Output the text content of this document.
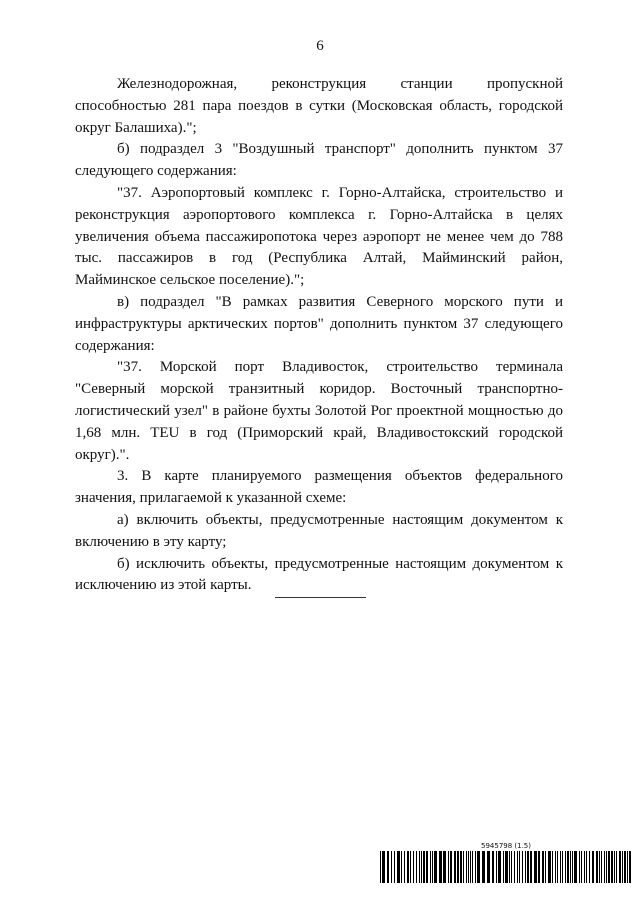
6

Железнодорожная, реконструкция станции пропускной способностью 281 пара поездов в сутки (Московская область, городской округ Балашиха).";

б) подраздел 3 "Воздушный транспорт" дополнить пунктом 37 следующего содержания:

"37. Аэропортовый комплекс г. Горно-Алтайска, строительство и реконструкция аэропортового комплекса г. Горно-Алтайска в целях увеличения объема пассажиропотока через аэропорт не менее чем до 788 тыс. пассажиров в год (Республика Алтай, Майминский район, Майминское сельское поселение).";

в) подраздел "В рамках развития Северного морского пути и инфраструктуры арктических портов" дополнить пунктом 37 следующего содержания:

"37. Морской порт Владивосток, строительство терминала "Северный морской транзитный коридор. Восточный транспортно-логистический узел" в районе бухты Золотой Рог проектной мощностью до 1,68 млн. TEU в год (Приморский край, Владивостокский городской округ).".

3. В карте планируемого размещения объектов федерального значения, прилагаемой к указанной схеме:

а) включить объекты, предусмотренные настоящим документом к включению в эту карту;

б) исключить объекты, предусмотренные настоящим документом к исключению из этой карты.

5945798 (1.5)
